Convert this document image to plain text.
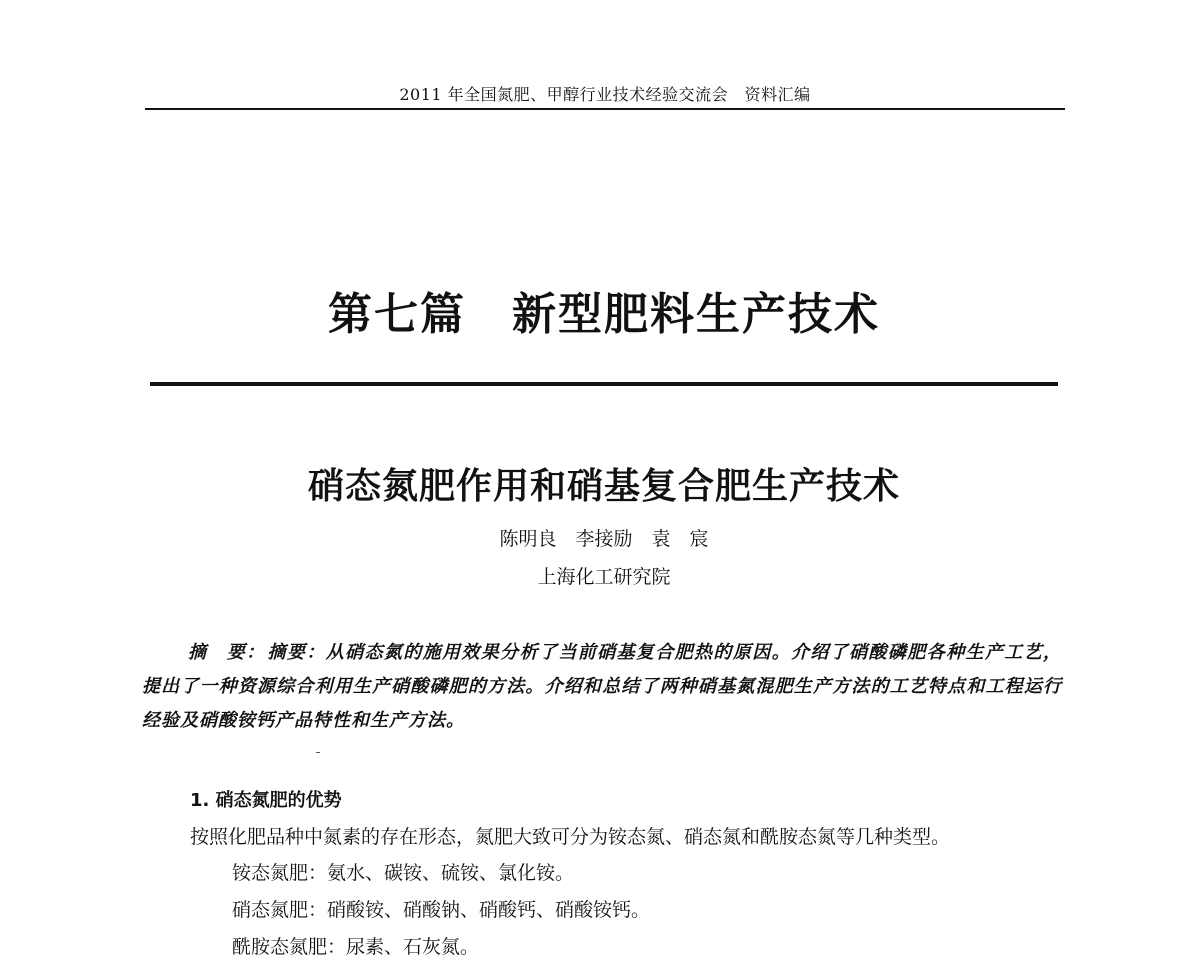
2011 年全国氮肥、甲醇行业技术经验交流会　资料汇编
第七篇　新型肥料生产技术
硝态氮肥作用和硝基复合肥生产技术
陈明良　李接励　袁　宸
上海化工研究院
摘　要： 摘要：从硝态氮的施用效果分析了当前硝基复合肥热的原因。介绍了硝酸磷肥各种生产工艺，提出了一种资源综合利用生产硝酸磷肥的方法。介绍和总结了两种硝基氮混肥生产方法的工艺特点和工程运行经验及硝酸铵钙产品特性和生产方法。
1. 硝态氮肥的优势
按照化肥品种中氮素的存在形态，氮肥大致可分为铵态氮、硝态氮和酰胺态氮等几种类型。
铵态氮肥：氨水、碳铵、硫铵、氯化铵。
硝态氮肥：硝酸铵、硝酸钠、硝酸钙、硝酸铵钙。
酰胺态氮肥：尿素、石灰氮。
